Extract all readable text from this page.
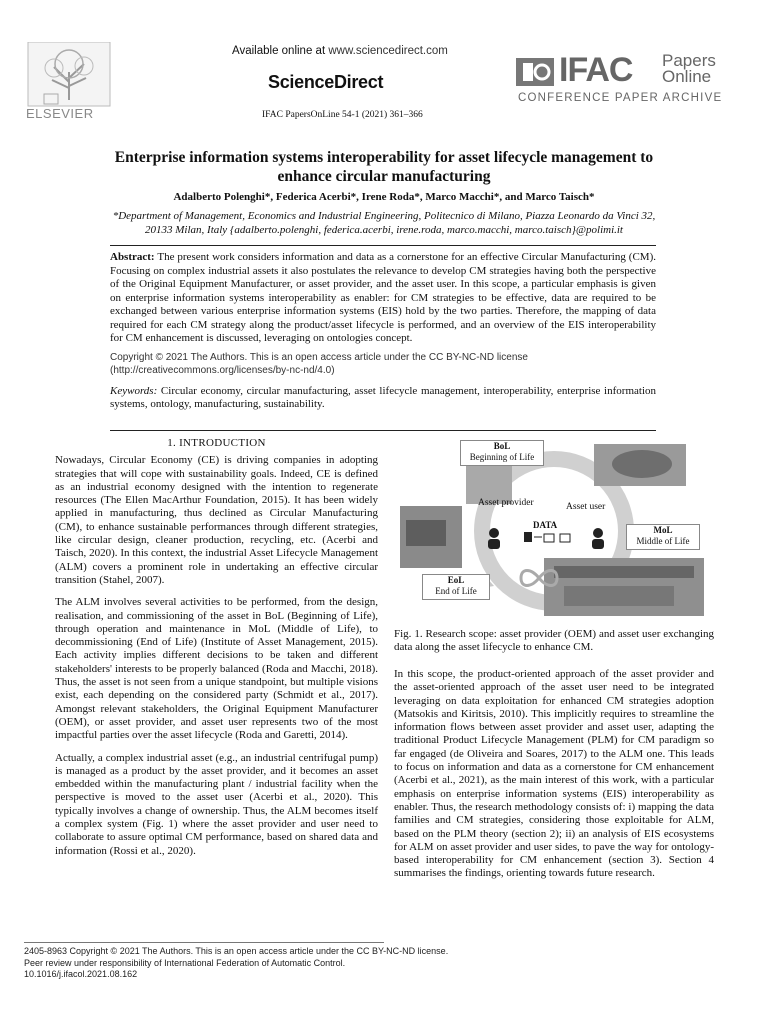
ELSEVIER
Available online at www.sciencedirect.com
ScienceDirect
IFAC PapersOnLine 54-1 (2021) 361–366
IFAC Papers
Online
CONFERENCE PAPER ARCHIVE
Enterprise information systems interoperability for asset lifecycle management to
enhance circular manufacturing
Adalberto Polenghi*, Federica Acerbi*, Irene Roda*, Marco Macchi*, and Marco Taisch*
*Department of Management, Economics and Industrial Engineering, Politecnico di Milano, Piazza Leonardo da Vinci 32,
20133 Milan, Italy {adalberto.polenghi, federica.acerbi, irene.roda, marco.macchi, marco.taisch}@polimi.it

Abstract: The present work considers information and data as a cornerstone for an effective Circular Manufacturing (CM). Focusing on complex industrial assets it also postulates the relevance to develop CM strategies having both the perspective of the Original Equipment Manufacturer, or asset provider, and the asset user. In this scope, a particular emphasis is given on enterprise information systems interoperability as enabler: for CM strategies to be effective, data are required to be exchanged between various enterprise information systems (EIS) hold by the two parties. Therefore, the mapping of data required for each CM strategy along the product/asset lifecycle is performed, and an overview of the EIS interoperability for CM enhancement is discussed, leveraging on ontologies concept.

Copyright © 2021 The Authors. This is an open access article under the CC BY-NC-ND license
(http://creativecommons.org/licenses/by-nc-nd/4.0)

Keywords: Circular economy, circular manufacturing, asset lifecycle management, interoperability, enterprise information systems, ontology, manufacturing, sustainability.

1. INTRODUCTION

Nowadays, Circular Economy (CE) is driving companies in adopting strategies that will cope with sustainability goals. Indeed, CE is defined as an industrial economy designed with the intention to regenerate resources (The Ellen MacArthur Foundation, 2015). It has been widely applied in manufacturing, thus declined as Circular Manufacturing (CM), to enhance sustainable performances through different strategies, like circular design, cleaner production, recycling, etc. (Acerbi and Taisch, 2020). In this context, the industrial Asset Lifecycle Management (ALM) covers a prominent role in undertaking an effective circular transition (Stahel, 2007).

The ALM involves several activities to be performed, from the design, realisation, and commissioning of the asset in BoL (Beginning of Life), through operation and maintenance in MoL (Middle of Life), to decommissioning (End of Life) (Institute of Asset Management, 2015). Each activity implies different decisions to be taken and different stakeholders' interests to be properly balanced (Roda and Macchi, 2018). Thus, the asset is not seen from a unique standpoint, but multiple visions exist, each depending on the considered party (Schmidt et al., 2017). Amongst relevant stakeholders, the Original Equipment Manufacturer (OEM), or asset provider, and asset user represents two of the most impactful parties over the asset lifecycle (Roda and Garetti, 2014).

Actually, a complex industrial asset (e.g., an industrial centrifugal pump) is managed as a product by the asset provider, and it becomes an asset embedded within the manufacturing plant / industrial facility when the perspective is moved to the asset user (Acerbi et al., 2020). This typically involves a change of ownership. Thus, the ALM becomes itself a complex system (Fig. 1) where the asset provider and user need to collaborate to assure optimal CM performance, based on shared data and information (Rossi et al., 2020).

BoL
Beginning of Life
MoL
Middle of Life
EoL
End of Life
Asset provider	Asset user
DATA
Fig. 1. Research scope: asset provider (OEM) and asset user exchanging data along the asset lifecycle to enhance CM.

In this scope, the product-oriented approach of the asset provider and the asset-oriented approach of the asset user need to be integrated leveraging on data exploitation for enhanced CM strategies adoption (Matsokis and Kiritsis, 2010). This implicitly requires to streamline the information flows between asset provider and asset user, adapting the traditional Product Lifecycle Management (PLM) for CM paradigm so far engaged (de Oliveira and Soares, 2017) to the ALM one. This leads to focus on information and data as a cornerstone for CM enhancement (Acerbi et al., 2021), as the main interest of this work, with a particular emphasis on enterprise information systems (EIS) interoperability as enabler. Thus, the research methodology consists of: i) mapping the data families and CM strategies, considering those exploitable for ALM, based on the PLM theory (section 2); ii) an analysis of EIS ecosystems for ALM on asset provider and user sides, to pave the way for ontology-based interoperability for CM enhancement (section 3). Section 4 summarises the findings, orienting towards future research.

2405-8963 Copyright © 2021 The Authors. This is an open access article under the CC BY-NC-ND license.
Peer review under responsibility of International Federation of Automatic Control.
10.1016/j.ifacol.2021.08.162
